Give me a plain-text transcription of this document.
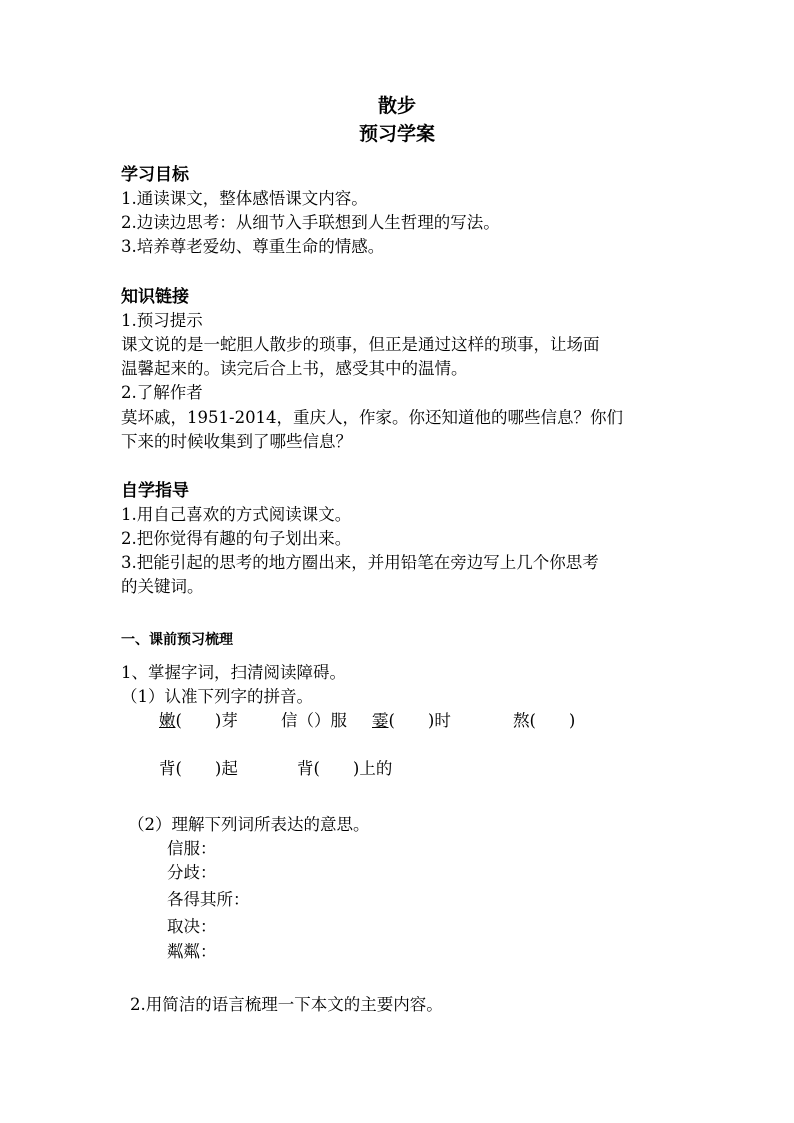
散步
预习学案
学习目标
1.通读课文，整体感悟课文内容。
2.边读边思考：从细节入手联想到人生哲理的写法。
3.培养尊老爱幼、尊重生命的情感。
知识链接
1.预习提示
课文说的是一蛇胆人散步的琐事，但正是通过这样的琐事，让场面
温馨起来的。读完后合上书，感受其中的温情。
2.了解作者
莫坏戚，1951-2014，重庆人，作家。你还知道他的哪些信息？你们
下来的时候收集到了哪些信息？
自学指导
1.用自己喜欢的方式阅读课文。
2.把你觉得有趣的句子划出来。
3.把能引起的思考的地方圈出来，并用铅笔在旁边写上几个你思考
的关键词。
一、课前预习梳理
1、掌握字词，扫清阅读障碍。
（1）认准下列字的拼音。
嫩(　　)芽	信（）服 霎(　　)时	熬(　　)
背(　　)起	背(　　)上的
（2）理解下列词所表达的意思。
信服：
分歧：
各得其所：
取决：
粼粼：
2.用简洁的语言梳理一下本文的主要内容。
